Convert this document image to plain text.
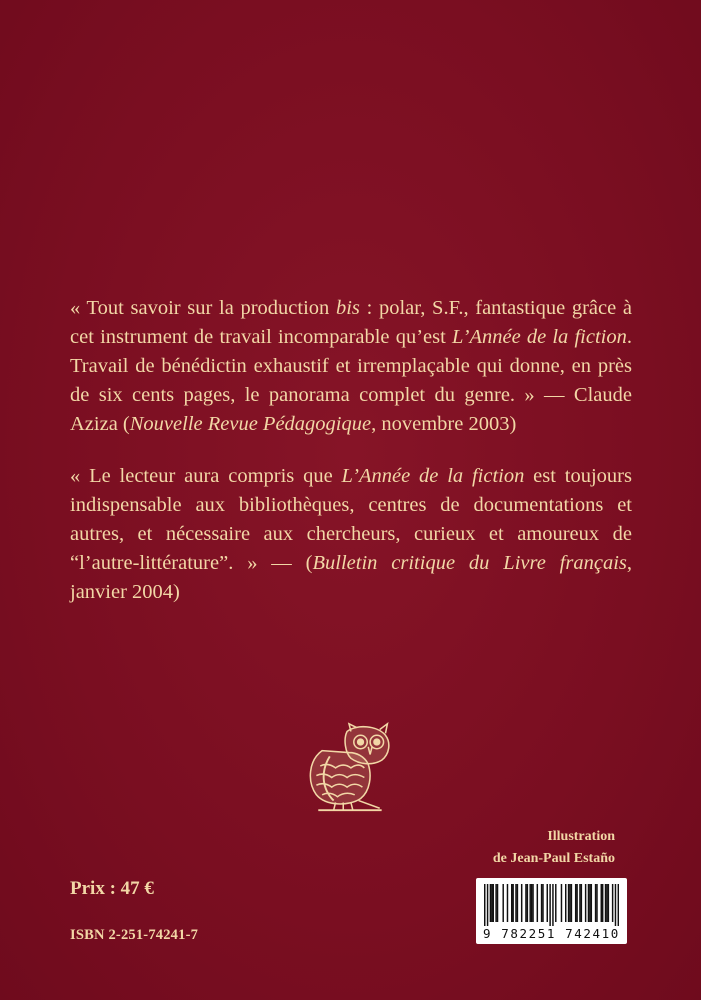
« Tout savoir sur la production bis : polar, S.F., fantastique grâce à cet instrument de travail incomparable qu’est L’Année de la fiction. Travail de bénédictin exhaustif et irremplaçable qui donne, en près de six cents pages, le panorama complet du genre. » — Claude Aziza (Nouvelle Revue Pédagogique, novembre 2003)

« Le lecteur aura compris que L’Année de la fiction est toujours indispensable aux bibliothèques, centres de documentations et autres, et nécessaire aux chercheurs, curieux et amoureux de “l’autre-littérature”. » — (Bulletin critique du Livre français, janvier 2004)

Illustration
de Jean-Paul Estaño
Prix : 47 €
ISBN 2-251-74241-7	9 782251 742410
